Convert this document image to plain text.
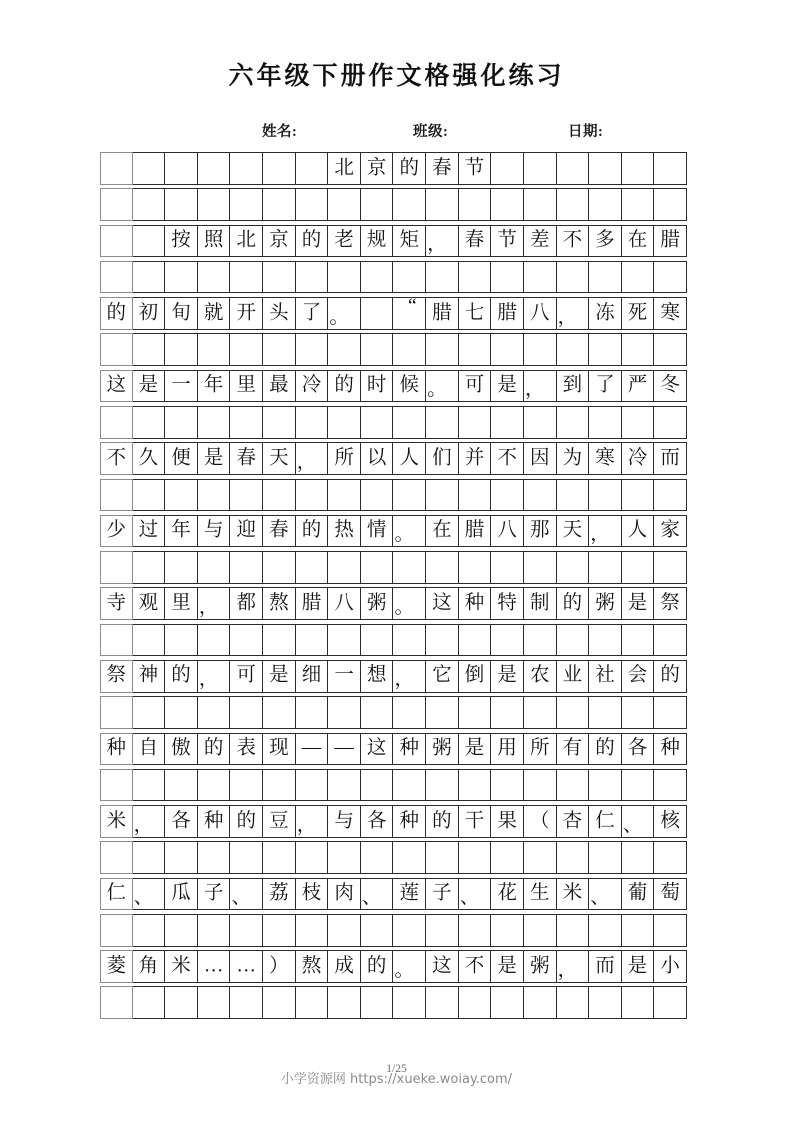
六年级下册作文格强化练习
姓名:	班级:	日期:
北 京 的 春 节
按 照 北 京 的 老 规 矩 ， 春 节 差 不 多 在 腊
的 初 旬 就 开 头 了 。
“ 腊 七 腊 八 ， 冻 死 寒
这 是 一 年 里 最 冷 的 时 候 。 可 是 ， 到 了 严 冬
不 久 便 是 春 天 ， 所 以 人 们 并 不 因 为 寒 冷 而
少 过 年 与 迎 春 的 热 情 。 在 腊 八 那 天 ， 人 家
寺 观 里 ， 都 熬 腊 八 粥 。 这 种 特 制 的 粥 是 祭
祭 神 的 ， 可 是 细 一 想 ， 它 倒 是 农 业 社 会 的
种 自 傲 的 表 现 — — 这 种 粥 是 用 所 有 的 各 种
米 ， 各 种 的 豆 ， 与 各 种 的 干 果 （ 杏 仁 、 核
仁 、 瓜 子 、 荔 枝 肉 、 莲 子 、 花 生 米 、 葡 萄
菱 角 米 … … ） 熬 成 的 。 这 不 是 粥 ， 而 是 小
1/25
小学资源网 https://xueke.woiay.com/
